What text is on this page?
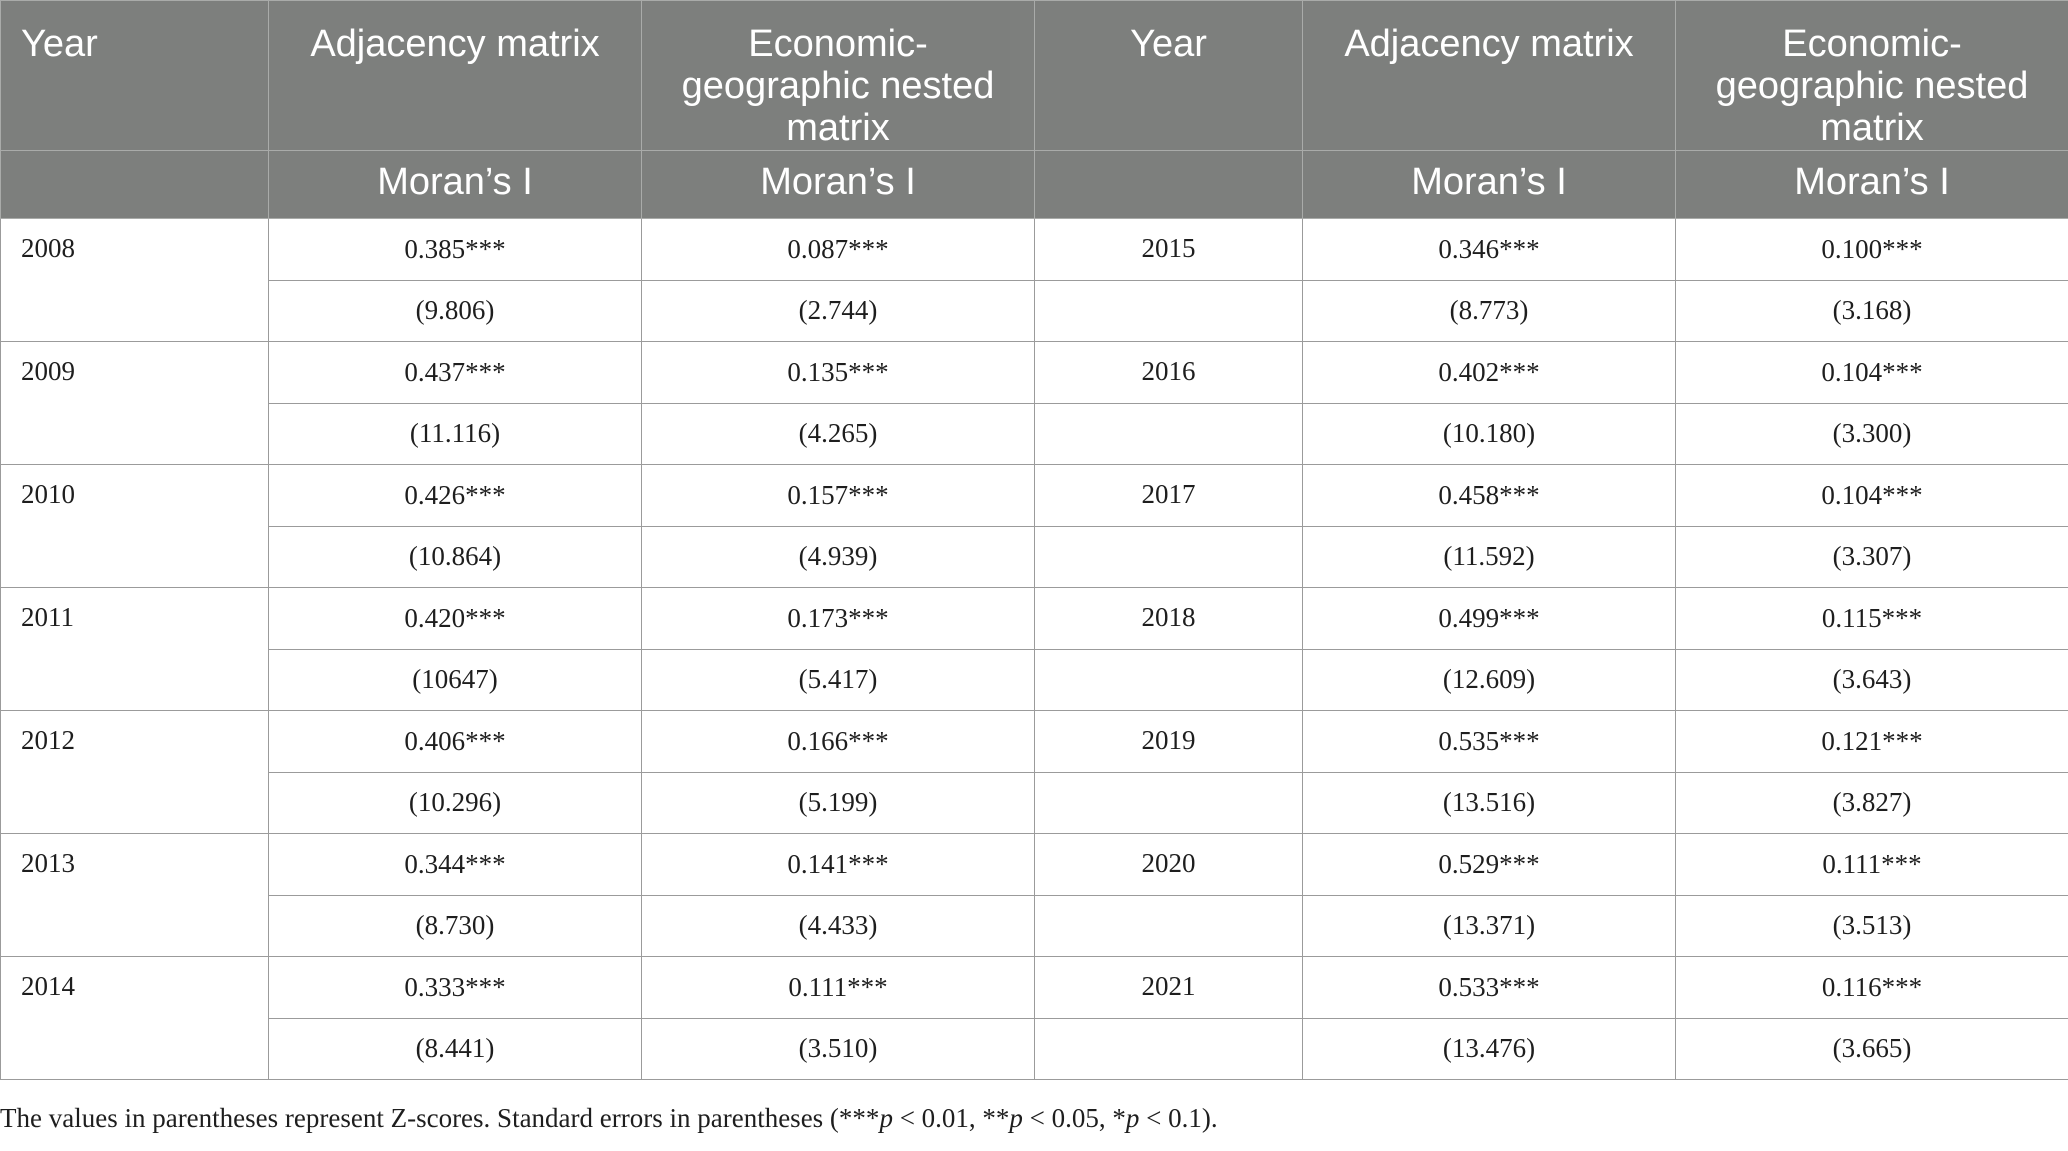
Year	Adjacency matrix	Economic-geographic nested matrix	Year	Adjacency matrix	Economic-geographic nested matrix
	Moran’s I	Moran’s I		Moran’s I	Moran’s I
2008	0.385***	0.087***	2015	0.346***	0.100***
	(9.806)	(2.744)		(8.773)	(3.168)
2009	0.437***	0.135***	2016	0.402***	0.104***
	(11.116)	(4.265)		(10.180)	(3.300)
2010	0.426***	0.157***	2017	0.458***	0.104***
	(10.864)	(4.939)		(11.592)	(3.307)
2011	0.420***	0.173***	2018	0.499***	0.115***
	(10647)	(5.417)		(12.609)	(3.643)
2012	0.406***	0.166***	2019	0.535***	0.121***
	(10.296)	(5.199)		(13.516)	(3.827)
2013	0.344***	0.141***	2020	0.529***	0.111***
	(8.730)	(4.433)		(13.371)	(3.513)
2014	0.333***	0.111***	2021	0.533***	0.116***
	(8.441)	(3.510)		(13.476)	(3.665)
The values in parentheses represent Z-scores. Standard errors in parentheses (***p < 0.01, **p < 0.05, *p < 0.1).
